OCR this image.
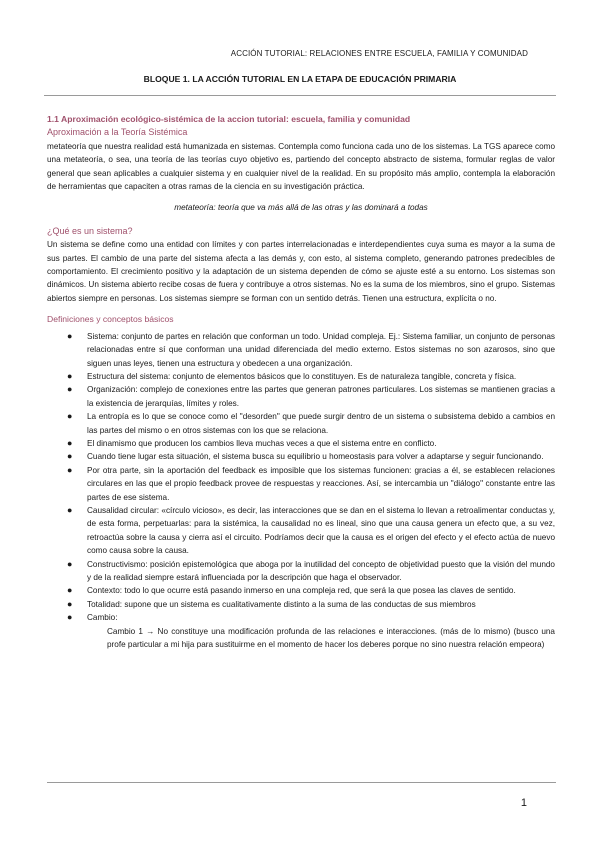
ACCIÓN TUTORIAL: RELACIONES ENTRE ESCUELA, FAMILIA Y COMUNIDAD
BLOQUE 1. LA ACCIÓN TUTORIAL EN LA ETAPA DE EDUCACIÓN PRIMARIA
1.1 Aproximación ecológico-sistémica de la accion tutorial: escuela, familia y comunidad
Aproximación a la Teoría Sistémica

metateoría que nuestra realidad está humanizada en sistemas. Contempla como funciona cada uno de los sistemas. La TGS aparece como una metateoría, o sea, una teoría de las teorías cuyo objetivo es, partiendo del concepto abstracto de sistema, formular reglas de valor general que sean aplicables a cualquier sistema y en cualquier nivel de la realidad. En su propósito más amplio, contempla la elaboración de herramientas que capaciten a otras ramas de la ciencia en su investigación práctica.

metateoría: teoría que va más allá de las otras y las dominará a todas

¿Qué es un sistema?

Un sistema se define como una entidad con límites y con partes interrelacionadas e interdependientes cuya suma es mayor a la suma de sus partes. El cambio de una parte del sistema afecta a las demás y, con esto, al sistema completo, generando patrones predecibles de comportamiento. El crecimiento positivo y la adaptación de un sistema dependen de cómo se ajuste esté a su entorno. Los sistemas son dinámicos. Un sistema abierto recibe cosas de fuera y contribuye a otros sistemas. No es la suma de los miembros, sino el grupo. Sistemas abiertos siempre en personas. Los sistemas siempre se forman con un sentido detrás. Tienen una estructura, explícita o no.

Definiciones y conceptos básicos
● Sistema: conjunto de partes en relación que conforman un todo. Unidad compleja. Ej.: Sistema familiar, un conjunto de personas relacionadas entre sí que conforman una unidad diferenciada del medio externo. Estos sistemas no son azarosos, sino que siguen unas leyes, tienen una estructura y obedecen a una organización.
● Estructura del sistema: conjunto de elementos básicos que lo constituyen. Es de naturaleza tangible, concreta y física.
● Organización: complejo de conexiones entre las partes que generan patrones particulares. Los sistemas se mantienen gracias a la existencia de jerarquías, límites y roles.
● La entropía es lo que se conoce como el "desorden" que puede surgir dentro de un sistema o subsistema debido a cambios en las partes del mismo o en otros sistemas con los que se relaciona.
● El dinamismo que producen los cambios lleva muchas veces a que el sistema entre en conflicto.
● Cuando tiene lugar esta situación, el sistema busca su equilibrio u homeostasis para volver a adaptarse y seguir funcionando.
● Por otra parte, sin la aportación del feedback es imposible que los sistemas funcionen: gracias a él, se establecen relaciones circulares en las que el propio feedback provee de respuestas y reacciones. Así, se intercambia un "diálogo" constante entre las partes de ese sistema.
● Causalidad circular: «círculo vicioso», es decir, las interacciones que se dan en el sistema lo llevan a retroalimentar conductas y, de esta forma, perpetuarlas: para la sistémica, la causalidad no es lineal, sino que una causa genera un efecto que, a su vez, retroactúa sobre la causa y cierra así el circuito. Podríamos decir que la causa es el origen del efecto y el efecto actúa de nuevo como causa sobre la causa.
● Constructivismo: posición epistemológica que aboga por la inutilidad del concepto de objetividad puesto que la visión del mundo y de la realidad siempre estará influenciada por la descripción que haga el observador.
● Contexto: todo lo que ocurre está pasando inmerso en una compleja red, que será la que posea las claves de sentido.
● Totalidad: supone que un sistema es cualitativamente distinto a la suma de las conductas de sus miembros
● Cambio:
Cambio 1 → No constituye una modificación profunda de las relaciones e interacciones. (más de lo mismo) (busco una profe particular a mi hija para sustituirme en el momento de hacer los deberes porque no sino nuestra relación empeora)
1
